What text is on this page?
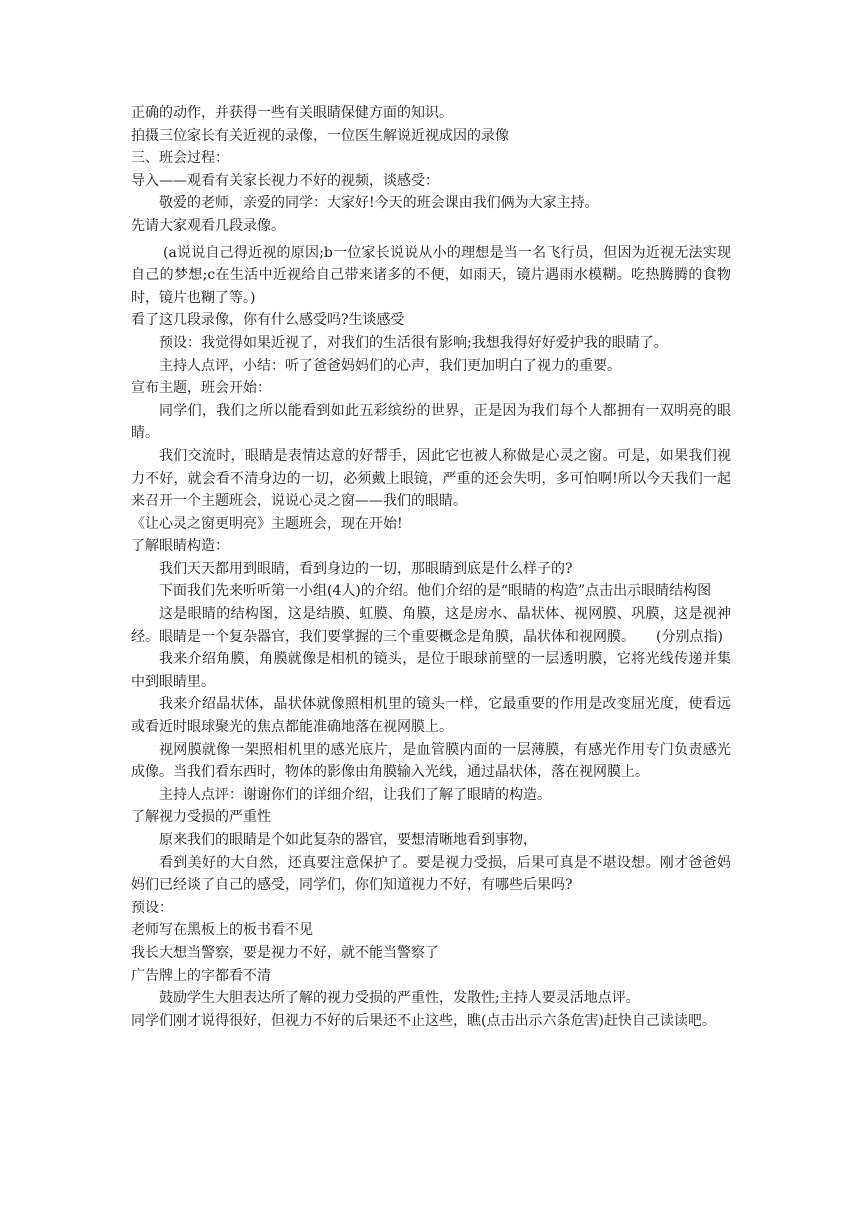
正确的动作，并获得一些有关眼睛保健方面的知识。

拍摄三位家长有关近视的录像，一位医生解说近视成因的录像

三、班会过程：

导入——观看有关家长视力不好的视频，谈感受：

敬爱的老师，亲爱的同学：大家好!今天的班会课由我们俩为大家主持。

先请大家观看几段录像。

(a说说自己得近视的原因;b一位家长说说从小的理想是当一名飞行员，但因为近视无法实现自己的梦想;c在生活中近视给自己带来诸多的不便，如雨天，镜片遇雨水模糊。吃热腾腾的食物时，镜片也糊了等。)

看了这几段录像，你有什么感受吗?生谈感受

预设：我觉得如果近视了，对我们的生活很有影响;我想我得好好爱护我的眼睛了。

主持人点评，小结：听了爸爸妈妈们的心声，我们更加明白了视力的重要。

宣布主题，班会开始：

同学们，我们之所以能看到如此五彩缤纷的世界，正是因为我们每个人都拥有一双明亮的眼睛。

我们交流时，眼睛是表情达意的好帮手，因此它也被人称做是心灵之窗。可是，如果我们视力不好，就会看不清身边的一切，必须戴上眼镜，严重的还会失明，多可怕啊!所以今天我们一起来召开一个主题班会，说说心灵之窗——我们的眼睛。

《让心灵之窗更明亮》主题班会，现在开始!

了解眼睛构造：

我们天天都用到眼睛，看到身边的一切，那眼睛到底是什么样子的?

下面我们先来听听第一小组(4人)的介绍。他们介绍的是“眼睛的构造”点击出示眼睛结构图

这是眼睛的结构图，这是结膜、虹膜、角膜，这是房水、晶状体、视网膜、巩膜，这是视神经。眼睛是一个复杂器官，我们要掌握的三个重要概念是角膜，晶状体和视网膜。　　(分别点指)

我来介绍角膜，角膜就像是相机的镜头，是位于眼球前壁的一层透明膜，它将光线传递并集中到眼睛里。

我来介绍晶状体，晶状体就像照相机里的镜头一样，它最重要的作用是改变屈光度，使看远或看近时眼球聚光的焦点都能准确地落在视网膜上。

视网膜就像一架照相机里的感光底片，是血管膜内面的一层薄膜，有感光作用专门负责感光成像。当我们看东西时，物体的影像由角膜输入光线，通过晶状体，落在视网膜上。

主持人点评：谢谢你们的详细介绍，让我们了解了眼睛的构造。

了解视力受损的严重性

原来我们的眼睛是个如此复杂的器官，要想清晰地看到事物，

看到美好的大自然，还真要注意保护了。要是视力受损，后果可真是不堪设想。刚才爸爸妈妈们已经谈了自己的感受，同学们，你们知道视力不好，有哪些后果吗?

预设：

老师写在黑板上的板书看不见

我长大想当警察，要是视力不好，就不能当警察了

广告牌上的字都看不清

鼓励学生大胆表达所了解的视力受损的严重性，发散性;主持人要灵活地点评。

同学们刚才说得很好，但视力不好的后果还不止这些，瞧(点击出示六条危害)赶快自己读读吧。
